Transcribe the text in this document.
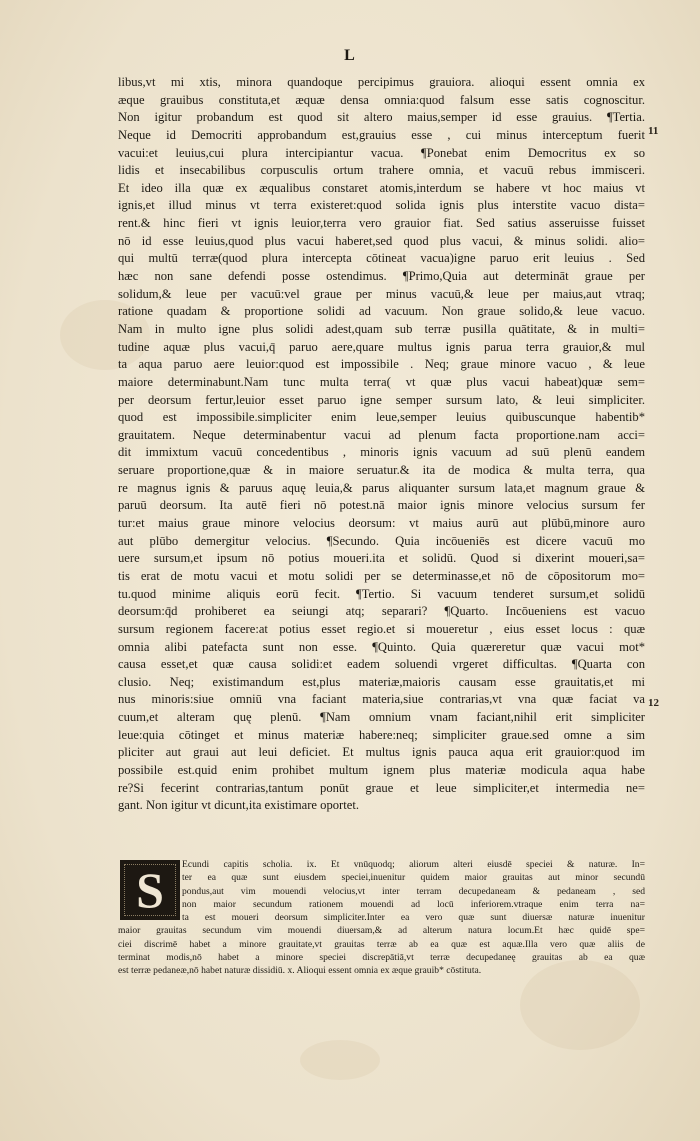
L
11
12
libus,vt mi xtis, minora quandoque percipimus grauiora. alioqui essent omnia ex
æque grauibus constituta,et æquæ densa omnia:quod falsum esse satis cognoscitur.
Non igitur probandum est quod sit altero maius,semper id esse grauius. ¶Tertia.
Neque id Democriti approbandum est,grauius esse , cui minus interceptum fuerit
vacui:et leuius,cui plura intercipiantur vacua. ¶Ponebat enim Democritus ex so
lidis et insecabilibus corpusculis ortum trahere omnia, et vacuū rebus immisceri.
Et ideo illa quæ ex æqualibus constaret atomis,interdum se habere vt hoc maius vt
ignis,et illud minus vt terra existeret:quod solida ignis plus interstite vacuo dista=
rent.& hinc fieri vt ignis leuior,terra vero grauior fiat. Sed satius asseruisse fuisset
nō id esse leuius,quod plus vacui haberet,sed quod plus vacui, & minus solidi. alio=
qui multū terræ(quod plura intercepta cōtineat vacua)igne paruo erit leuius . Sed
hæc non sane defendi posse ostendimus. ¶Primo,Quia aut determināt graue per
solidum,& leue per vacuū:vel graue per minus vacuū,& leue per maius,aut vtraq;
ratione quadam & proportione solidi ad vacuum. Non graue solido,& leue vacuo.
Nam in multo igne plus solidi adest,quam sub terræ pusilla quātitate, & in multi=
tudine aquæ plus vacui,q̄ paruo aere,quare multus ignis parua terra grauior,& mul
ta aqua paruo aere leuior:quod est impossibile . Neq; graue minore vacuo , & leue
maiore determinabunt.Nam tunc multa terra( vt quæ plus vacui habeat)quæ sem=
per deorsum fertur,leuior esset paruo igne semper sursum lato, & leui simpliciter.
quod est impossibile.simpliciter enim leue,semper leuius quibuscunque habentib*
grauitatem. Neque determinabentur vacui ad plenum facta proportione.nam acci=
dit immixtum vacuū concedentibus , minoris ignis vacuum ad suū plenū eandem
seruare proportione,quæ & in maiore seruatur.& ita de modica & multa terra, qua
re magnus ignis & paruus aquę leuia,& parus aliquanter sursum lata,et magnum graue &
paruū deorsum. Ita autē fieri nō potest.nā maior ignis minore velocius sursum fer
tur:et maius graue minore velocius deorsum: vt maius aurū aut plūbū,minore auro
aut plūbo demergitur velocius. ¶Secundo. Quia incōueniēs est dicere vacuū mo
uere sursum,et ipsum nō potius moueri.ita et solidū. Quod si dixerint moueri,sa=
tis erat de motu vacui et motu solidi per se determinasse,et nō de cōpositorum mo=
tu.quod minime aliquis eorū fecit. ¶Tertio. Si vacuum tenderet sursum,et solidū
deorsum:q̄d prohiberet ea seiungi atq; separari? ¶Quarto. Incōueniens est vacuo
sursum regionem facere:at potius esset regio.et si moueretur , eius esset locus : quæ
omnia alibi patefacta sunt non esse. ¶Quinto. Quia quæreretur quæ vacui mot*
causa esset,et quæ causa solidi:et eadem soluendi vrgeret difficultas. ¶Quarta con
clusio. Neq; existimandum est,plus materiæ,maioris causam esse grauitatis,et mi
nus minoris:siue omniū vna faciant materia,siue contrarias,vt vna quæ faciat va
cuum,et alteram quę plenū. ¶Nam omnium vnam faciant,nihil erit simpliciter
leue:quia cōtinget et minus materiæ habere:neq; simpliciter graue.sed omne a sim
pliciter aut graui aut leui deficiet. Et multus ignis pauca aqua erit grauior:quod im
possibile est.quid enim prohibet multum ignem plus materiæ modicula aqua habe
re?Si fecerint contrarias,tantum ponūt graue et leue simpliciter,et intermedia ne=
gant. Non igitur vt dicunt,ita existimare oportet.
S	Ecundi capitis scholia. ix. Et vnūquodq; aliorum alteri eiusdē speciei & naturæ. In=
ter ea quæ sunt eiusdem speciei,inuenitur quidem maior grauitas aut minor secundū
pondus,aut vim mouendi velocius,vt inter terram decupedaneam & pedaneam , sed
non maior secundum rationem mouendi ad locū inferiorem.vtraque enim terra na=
ta est moueri deorsum simpliciter.Inter ea vero quæ sunt diuersæ naturæ inuenitur
maior grauitas secundum vim mouendi diuersam,& ad alterum natura locum.Et hæc quidē spe=
ciei discrimē habet a minore grauitate,vt grauitas terræ ab ea quæ est aquæ.Illa vero quæ aliis de
terminat modis,nō habet a minore speciei discrepātiā,vt terræ decupedaneę grauitas ab ea quæ
est terræ pedaneæ,nō habet naturæ dissidiū. x. Alioqui essent omnia ex æque grauib* cōstituta.
